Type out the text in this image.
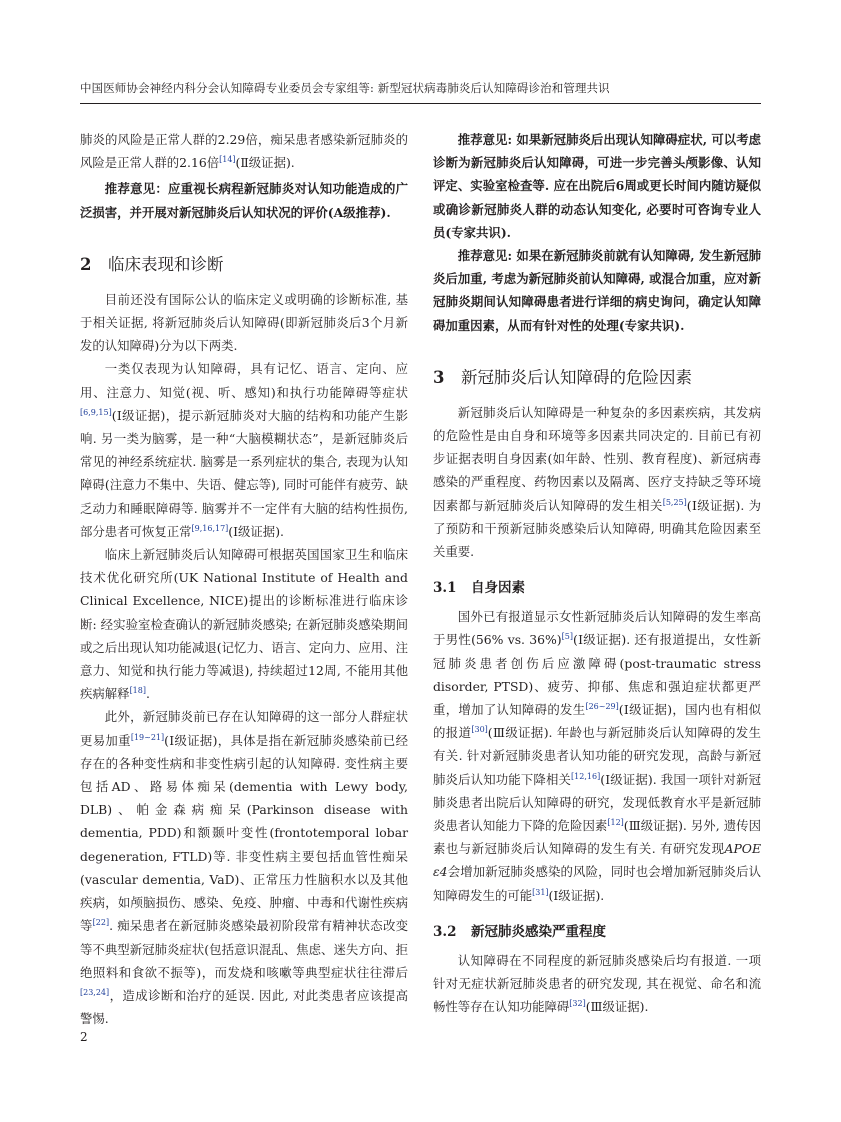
中国医师协会神经内科分会认知障碍专业委员会专家组等: 新型冠状病毒肺炎后认知障碍诊治和管理共识

肺炎的风险是正常人群的2.29倍，痴呆患者感染新冠肺炎的风险是正常人群的2.16倍[14](Ⅱ级证据).

推荐意见：应重视长病程新冠肺炎对认知功能造成的广泛损害，并开展对新冠肺炎后认知状况的评价(A级推荐).

2 临床表现和诊断

目前还没有国际公认的临床定义或明确的诊断标准, 基于相关证据, 将新冠肺炎后认知障碍(即新冠肺炎后3个月新发的认知障碍)分为以下两类.

一类仅表现为认知障碍，具有记忆、语言、定向、应用、注意力、知觉(视、听、感知)和执行功能障碍等症状[6,9,15](Ⅰ级证据)，提示新冠肺炎对大脑的结构和功能产生影响. 另一类为脑雾，是一种“大脑模糊状态”，是新冠肺炎后常见的神经系统症状. 脑雾是一系列症状的集合, 表现为认知障碍(注意力不集中、失语、健忘等), 同时可能伴有疲劳、缺乏动力和睡眠障碍等. 脑雾并不一定伴有大脑的结构性损伤, 部分患者可恢复正常[9,16,17](Ⅰ级证据).

临床上新冠肺炎后认知障碍可根据英国国家卫生和临床技术优化研究所(UK National Institute of Health and Clinical Excellence, NICE)提出的诊断标准进行临床诊断: 经实验室检查确认的新冠肺炎感染; 在新冠肺炎感染期间或之后出现认知功能减退(记忆力、语言、定向力、应用、注意力、知觉和执行能力等减退), 持续超过12周, 不能用其他疾病解释[18].

此外，新冠肺炎前已存在认知障碍的这一部分人群症状更易加重[19~21](Ⅰ级证据)，具体是指在新冠肺炎感染前已经存在的各种变性病和非变性病引起的认知障碍. 变性病主要包括AD、路易体痴呆(dementia with Lewy body, DLB)、帕金森病痴呆(Parkinson disease with dementia, PDD)和额颞叶变性(frontotemporal lobar degeneration, FTLD)等. 非变性病主要包括血管性痴呆(vascular dementia, VaD)、正常压力性脑积水以及其他疾病，如颅脑损伤、感染、免疫、肿瘤、中毒和代谢性疾病等[22]. 痴呆患者在新冠肺炎感染最初阶段常有精神状态改变等不典型新冠肺炎症状(包括意识混乱、焦虑、迷失方向、拒绝照料和食欲不振等)，而发烧和咳嗽等典型症状往往滞后[23,24]，造成诊断和治疗的延误. 因此, 对此类患者应该提高警惕.

推荐意见: 如果新冠肺炎后出现认知障碍症状, 可以考虑诊断为新冠肺炎后认知障碍，可进一步完善头颅影像、认知评定、实验室检查等. 应在出院后6周或更长时间内随访疑似或确诊新冠肺炎人群的动态认知变化, 必要时可咨询专业人员(专家共识).

推荐意见: 如果在新冠肺炎前就有认知障碍, 发生新冠肺炎后加重, 考虑为新冠肺炎前认知障碍, 或混合加重，应对新冠肺炎期间认知障碍患者进行详细的病史询问，确定认知障碍加重因素，从而有针对性的处理(专家共识).

3 新冠肺炎后认知障碍的危险因素

新冠肺炎后认知障碍是一种复杂的多因素疾病，其发病的危险性是由自身和环境等多因素共同决定的. 目前已有初步证据表明自身因素(如年龄、性别、教育程度)、新冠病毒感染的严重程度、药物因素以及隔离、医疗支持缺乏等环境因素都与新冠肺炎后认知障碍的发生相关[5,25](Ⅰ级证据). 为了预防和干预新冠肺炎感染后认知障碍, 明确其危险因素至关重要.

3.1 自身因素

国外已有报道显示女性新冠肺炎后认知障碍的发生率高于男性(56% vs. 36%)[5](Ⅰ级证据). 还有报道提出，女性新冠肺炎患者创伤后应激障碍(post-traumatic stress disorder, PTSD)、疲劳、抑郁、焦虑和强迫症状都更严重，增加了认知障碍的发生[26~29](Ⅰ级证据)，国内也有相似的报道[30](Ⅲ级证据). 年龄也与新冠肺炎后认知障碍的发生有关. 针对新冠肺炎患者认知功能的研究发现，高龄与新冠肺炎后认知功能下降相关[12,16](Ⅰ级证据). 我国一项针对新冠肺炎患者出院后认知障碍的研究，发现低教育水平是新冠肺炎患者认知能力下降的危险因素[12](Ⅲ级证据). 另外, 遗传因素也与新冠肺炎后认知障碍的发生有关. 有研究发现APOE ε4会增加新冠肺炎感染的风险，同时也会增加新冠肺炎后认知障碍发生的可能[31](Ⅰ级证据).

3.2 新冠肺炎感染严重程度

认知障碍在不同程度的新冠肺炎感染后均有报道. 一项针对无症状新冠肺炎患者的研究发现, 其在视觉、命名和流畅性等存在认知功能障碍[32](Ⅲ级证据).

2
